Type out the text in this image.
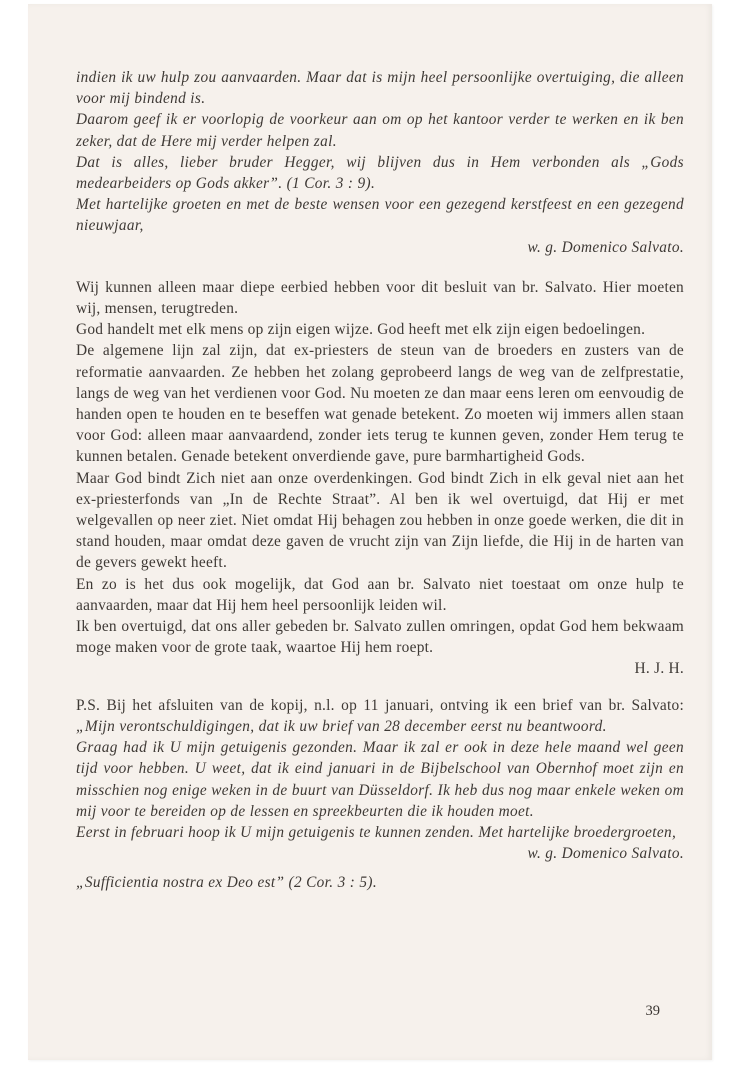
indien ik uw hulp zou aanvaarden. Maar dat is mijn heel persoonlijke overtuiging, die alleen voor mij bindend is.

Daarom geef ik er voorlopig de voorkeur aan om op het kantoor verder te werken en ik ben zeker, dat de Here mij verder helpen zal.

Dat is alles, lieber bruder Hegger, wij blijven dus in Hem verbonden als „Gods medearbeiders op Gods akker”. (1 Cor. 3 : 9).

Met hartelijke groeten en met de beste wensen voor een gezegend kerstfeest en een gezegend nieuwjaar,

w. g. Domenico Salvato.

Wij kunnen alleen maar diepe eerbied hebben voor dit besluit van br. Salvato. Hier moeten wij, mensen, terugtreden.

God handelt met elk mens op zijn eigen wijze. God heeft met elk zijn eigen bedoelingen.

De algemene lijn zal zijn, dat ex-priesters de steun van de broeders en zusters van de reformatie aanvaarden. Ze hebben het zolang geprobeerd langs de weg van de zelfprestatie, langs de weg van het verdienen voor God. Nu moeten ze dan maar eens leren om eenvoudig de handen open te houden en te beseffen wat genade betekent. Zo moeten wij immers allen staan voor God: alleen maar aanvaardend, zonder iets terug te kunnen geven, zonder Hem terug te kunnen betalen. Genade betekent onverdiende gave, pure barmhartigheid Gods.

Maar God bindt Zich niet aan onze overdenkingen. God bindt Zich in elk geval niet aan het ex-priesterfonds van „In de Rechte Straat”. Al ben ik wel overtuigd, dat Hij er met welgevallen op neer ziet. Niet omdat Hij behagen zou hebben in onze goede werken, die dit in stand houden, maar omdat deze gaven de vrucht zijn van Zijn liefde, die Hij in de harten van de gevers gewekt heeft.

En zo is het dus ook mogelijk, dat God aan br. Salvato niet toestaat om onze hulp te aanvaarden, maar dat Hij hem heel persoonlijk leiden wil.

Ik ben overtuigd, dat ons aller gebeden br. Salvato zullen omringen, opdat God hem bekwaam moge maken voor de grote taak, waartoe Hij hem roept.

H. J. H.

P.S. Bij het afsluiten van de kopij, n.l. op 11 januari, ontving ik een brief van br. Salvato: „Mijn verontschuldigingen, dat ik uw brief van 28 december eerst nu beantwoord.

Graag had ik U mijn getuigenis gezonden. Maar ik zal er ook in deze hele maand wel geen tijd voor hebben. U weet, dat ik eind januari in de Bijbelschool van Obernhof moet zijn en misschien nog enige weken in de buurt van Düsseldorf. Ik heb dus nog maar enkele weken om mij voor te bereiden op de lessen en spreekbeurten die ik houden moet.

Eerst in februari hoop ik U mijn getuigenis te kunnen zenden. Met hartelijke broedergroeten,

w. g. Domenico Salvato.

„Sufficientia nostra ex Deo est” (2 Cor. 3 : 5).

39
